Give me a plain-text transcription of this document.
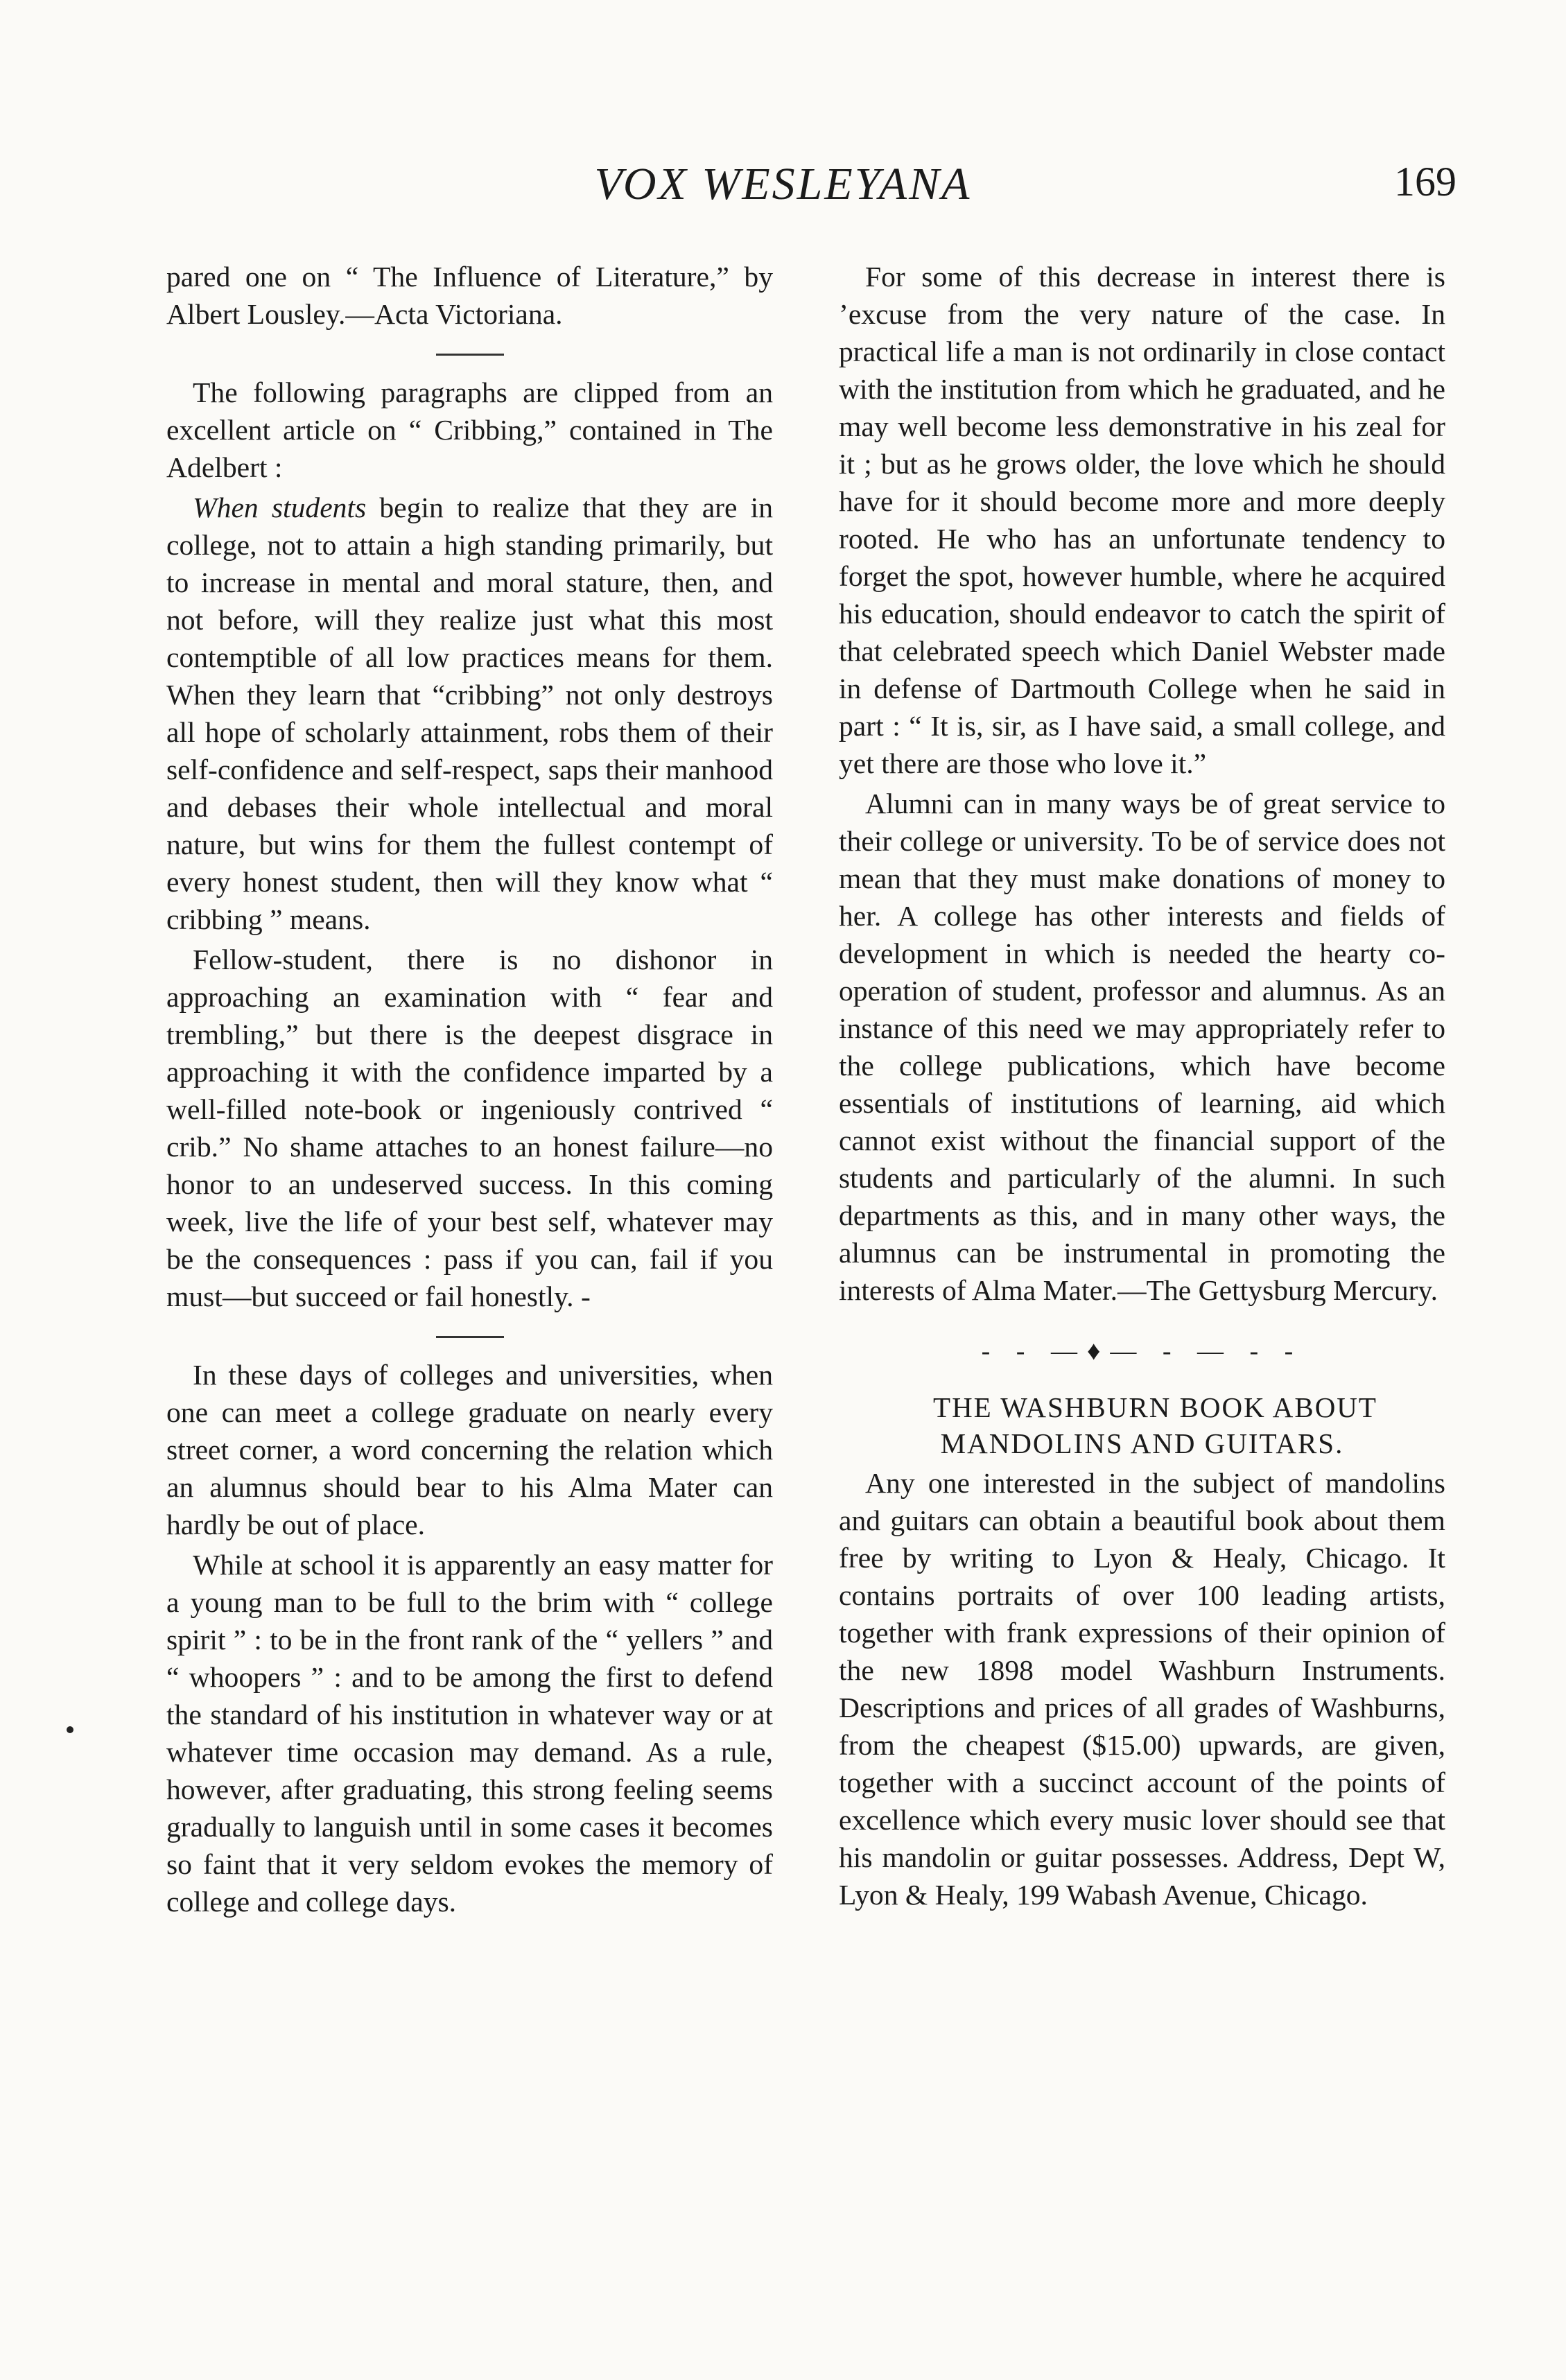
VOX WESLEYANA	169

pared one on “ The Influence of Literature,” by Albert Lousley.—Acta Victoriana.

The following paragraphs are clipped from an excellent article on “ Cribbing,” contained in The Adelbert :

When students begin to realize that they are in college, not to attain a high standing primarily, but to increase in mental and moral stature, then, and not before, will they realize just what this most contemptible of all low practices means for them. When they learn that “cribbing” not only destroys all hope of scholarly attainment, robs them of their self-confidence and self-respect, saps their manhood and debases their whole intellectual and moral nature, but wins for them the fullest contempt of every honest student, then will they know what “ cribbing ” means.

Fellow-student, there is no dishonor in approaching an examination with “ fear and trembling,” but there is the deepest disgrace in approaching it with the confidence imparted by a well-filled note-book or ingeniously contrived “ crib.” No shame attaches to an honest failure—no honor to an undeserved success. In this coming week, live the life of your best self, whatever may be the consequences : pass if you can, fail if you must—but succeed or fail honestly. -

In these days of colleges and universities, when one can meet a college graduate on nearly every street corner, a word concerning the relation which an alumnus should bear to his Alma Mater can hardly be out of place.

While at school it is apparently an easy matter for a young man to be full to the brim with “ college spirit ” : to be in the front rank of the “ yellers ” and “ whoopers ” : and to be among the first to defend the standard of his institution in whatever way or at whatever time occasion may demand. As a rule, however, after graduating, this strong feeling seems gradually to languish until in some cases it becomes so faint that it very seldom evokes the memory of college and college days.

For some of this decrease in interest there is ’excuse from the very nature of the case. In practical life a man is not ordinarily in close contact with the institution from which he graduated, and he may well become less demonstrative in his zeal for it ; but as he grows older, the love which he should have for it should become more and more deeply rooted. He who has an unfortunate tendency to forget the spot, however humble, where he acquired his education, should endeavor to catch the spirit of that celebrated speech which Daniel Webster made in defense of Dartmouth College when he said in part : “ It is, sir, as I have said, a small college, and yet there are those who love it.”

Alumni can in many ways be of great service to their college or university. To be of service does not mean that they must make donations of money to her. A college has other interests and fields of development in which is needed the hearty co-operation of student, professor and alumnus. As an instance of this need we may appropriately refer to the college publications, which have become essentials of institutions of learning, aid which cannot exist without the financial support of the students and particularly of the alumni. In such departments as this, and in many other ways, the alumnus can be instrumental in promoting the interests of Alma Mater.—The Gettysburg Mercury.

- - —♦— - — - -

THE WASHBURN BOOK ABOUT MANDOLINS AND GUITARS.

Any one interested in the subject of mandolins and guitars can obtain a beautiful book about them free by writing to Lyon & Healy, Chicago. It contains portraits of over 100 leading artists, together with frank expressions of their opinion of the new 1898 model Washburn Instruments. Descriptions and prices of all grades of Washburns, from the cheapest ($15.00) upwards, are given, together with a succinct account of the points of excellence which every music lover should see that his mandolin or guitar possesses. Address, Dept W, Lyon & Healy, 199 Wabash Avenue, Chicago.
